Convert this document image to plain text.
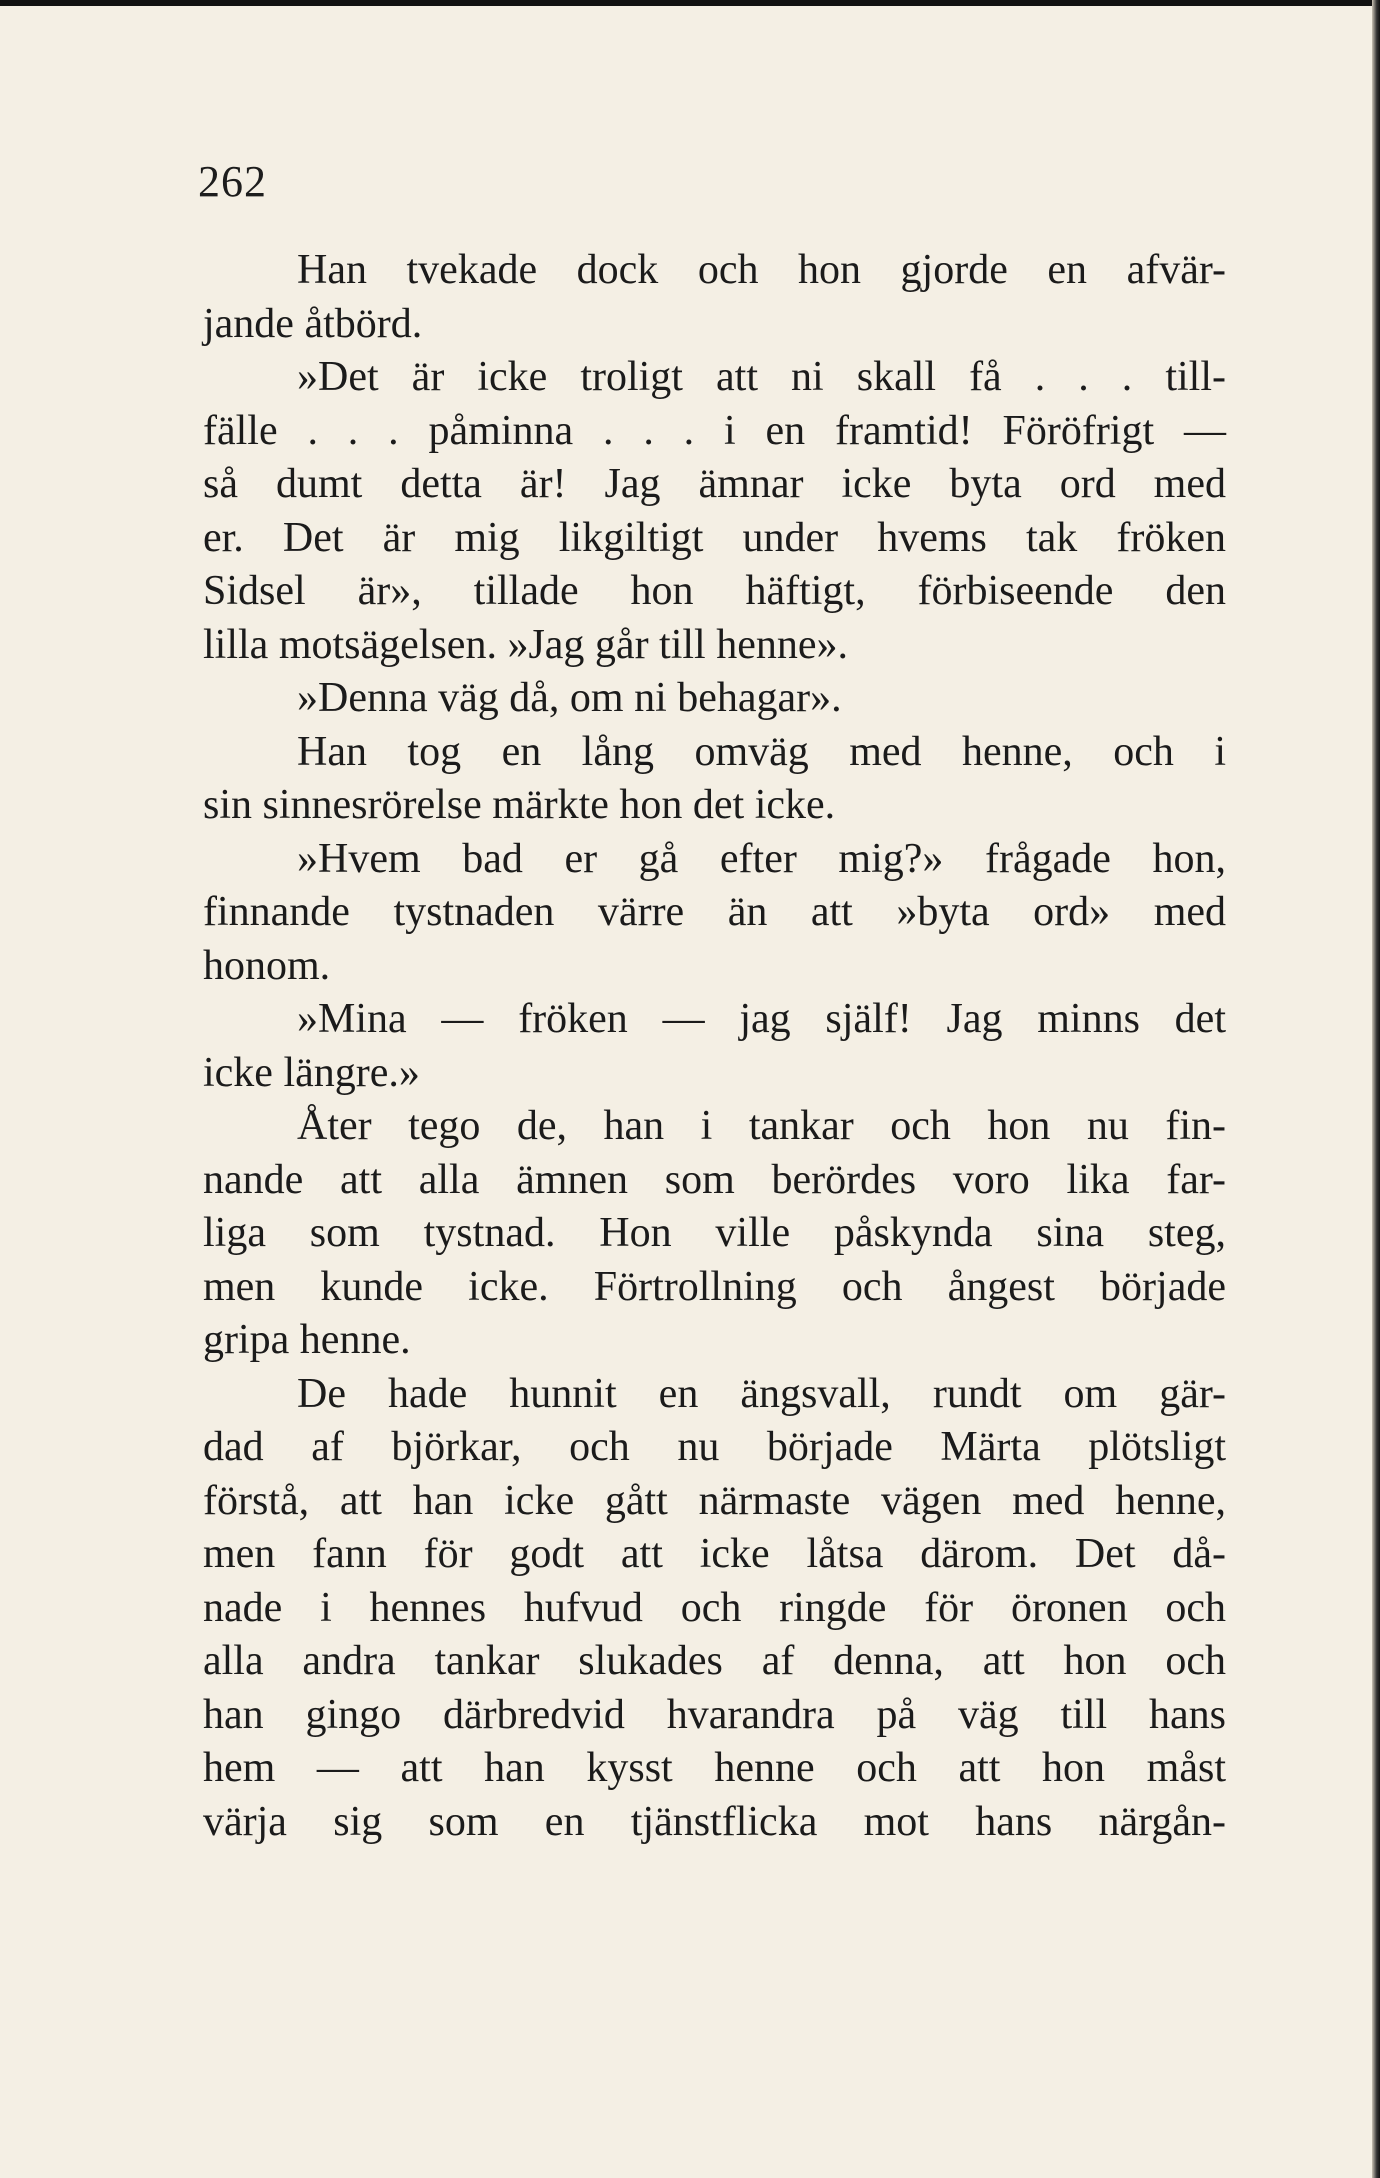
262
Han tvekade dock och hon gjorde en afvär-
jande åtbörd.
»Det är icke troligt att ni skall få . . . till-
fälle . . . påminna . . . i en framtid! Föröfrigt —
så dumt detta är! Jag ämnar icke byta ord med
er. Det är mig likgiltigt under hvems tak fröken
Sidsel är», tillade hon häftigt, förbiseende den
lilla motsägelsen. »Jag går till henne».
»Denna väg då, om ni behagar».
Han tog en lång omväg med henne, och i
sin sinnesrörelse märkte hon det icke.
»Hvem bad er gå efter mig?» frågade hon,
finnande tystnaden värre än att »byta ord» med
honom.
»Mina — fröken — jag själf! Jag minns det
icke längre.»
Åter tego de, han i tankar och hon nu fin-
nande att alla ämnen som berördes voro lika far-
liga som tystnad. Hon ville påskynda sina steg,
men kunde icke. Förtrollning och ångest började
gripa henne.
De hade hunnit en ängsvall, rundt om gär-
dad af björkar, och nu började Märta plötsligt
förstå, att han icke gått närmaste vägen med henne,
men fann för godt att icke låtsa därom. Det då-
nade i hennes hufvud och ringde för öronen och
alla andra tankar slukades af denna, att hon och
han gingo därbredvid hvarandra på väg till hans
hem — att han kysst henne och att hon måst
värja sig som en tjänstflicka mot hans närgån-
